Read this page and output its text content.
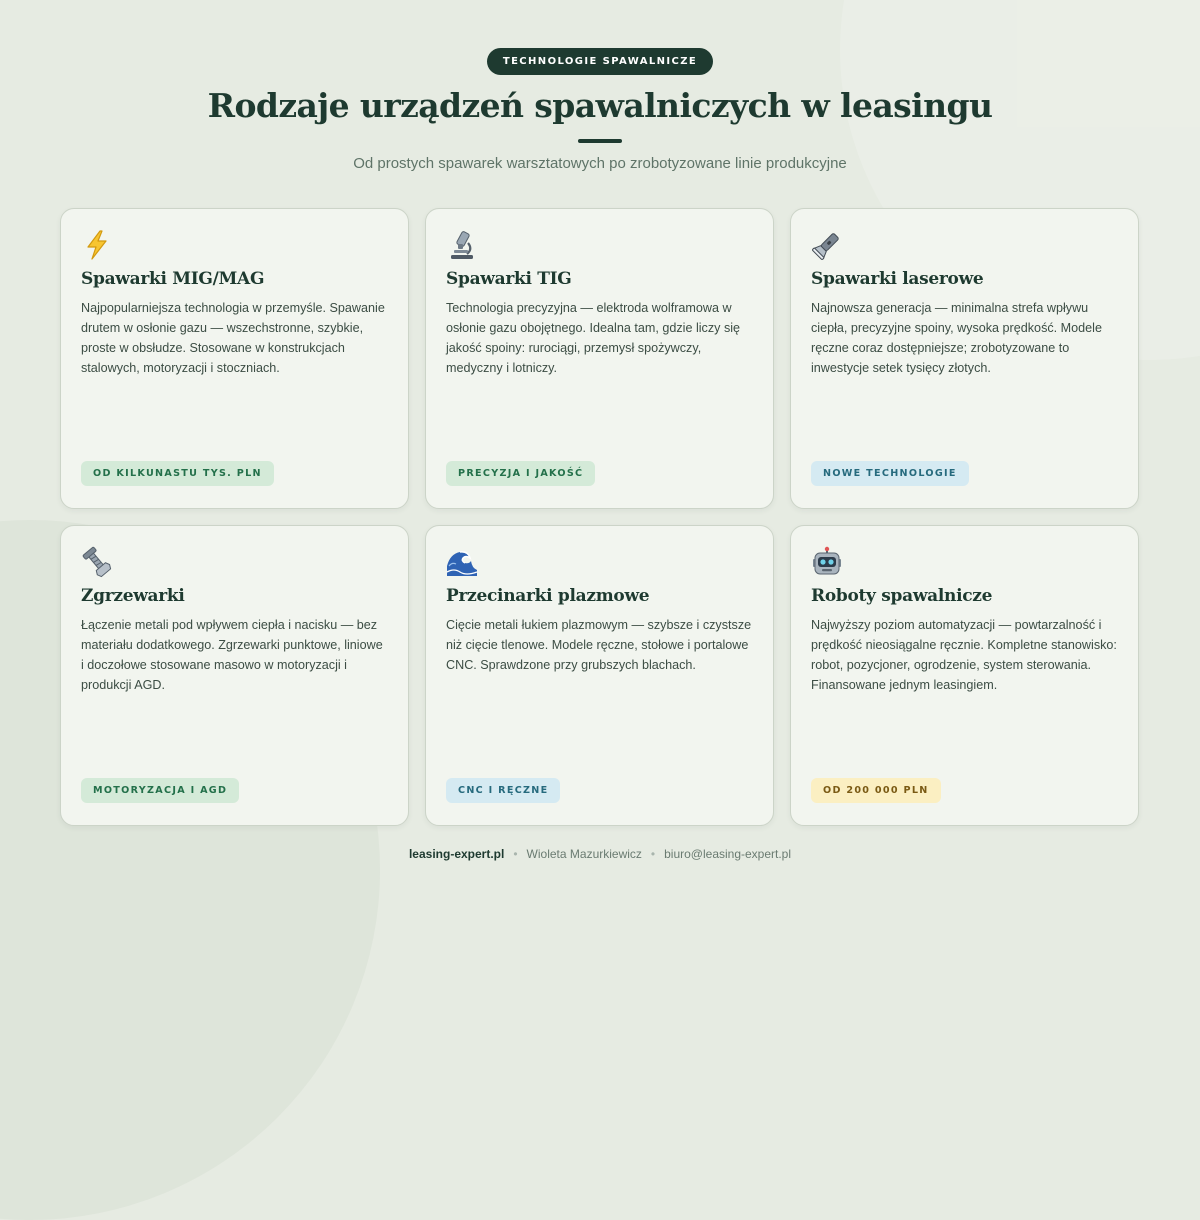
TECHNOLOGIE SPAWALNICZE
Rodzaje urządzeń spawalniczych w leasingu
Od prostych spawarek warsztatowych po zrobotyzowane linie produkcyjne
Spawarki MIG/MAG
Najpopularniejsza technologia w przemyśle. Spawanie drutem w osłonie gazu — wszechstronne, szybkie, proste w obsłudze. Stosowane w konstrukcjach stalowych, motoryzacji i stoczniach.
OD KILKUNASTU TYS. PLN
Spawarki TIG
Technologia precyzyjna — elektroda wolframowa w osłonie gazu obojętnego. Idealna tam, gdzie liczy się jakość spoiny: rurociągi, przemysł spożywczy, medyczny i lotniczy.
PRECYZJA I JAKOŚĆ
Spawarki laserowe
Najnowsza generacja — minimalna strefa wpływu ciepła, precyzyjne spoiny, wysoka prędkość. Modele ręczne coraz dostępniejsze; zrobotyzowane to inwestycje setek tysięcy złotych.
NOWE TECHNOLOGIE
Zgrzewarki
Łączenie metali pod wpływem ciepła i nacisku — bez materiału dodatkowego. Zgrzewarki punktowe, liniowe i doczołowe stosowane masowo w motoryzacji i produkcji AGD.
MOTORYZACJA I AGD
Przecinarki plazmowe
Cięcie metali łukiem plazmowym — szybsze i czystsze niż cięcie tlenowe. Modele ręczne, stołowe i portalowe CNC. Sprawdzone przy grubszych blachach.
CNC I RĘCZNE
Roboty spawalnicze
Najwyższy poziom automatyzacji — powtarzalność i prędkość nieosiągalne ręcznie. Kompletne stanowisko: robot, pozycjoner, ogrodzenie, system sterowania. Finansowane jednym leasingiem.
OD 200 000 PLN
leasing-expert.pl • Wioleta Mazurkiewicz • biuro@leasing-expert.pl
